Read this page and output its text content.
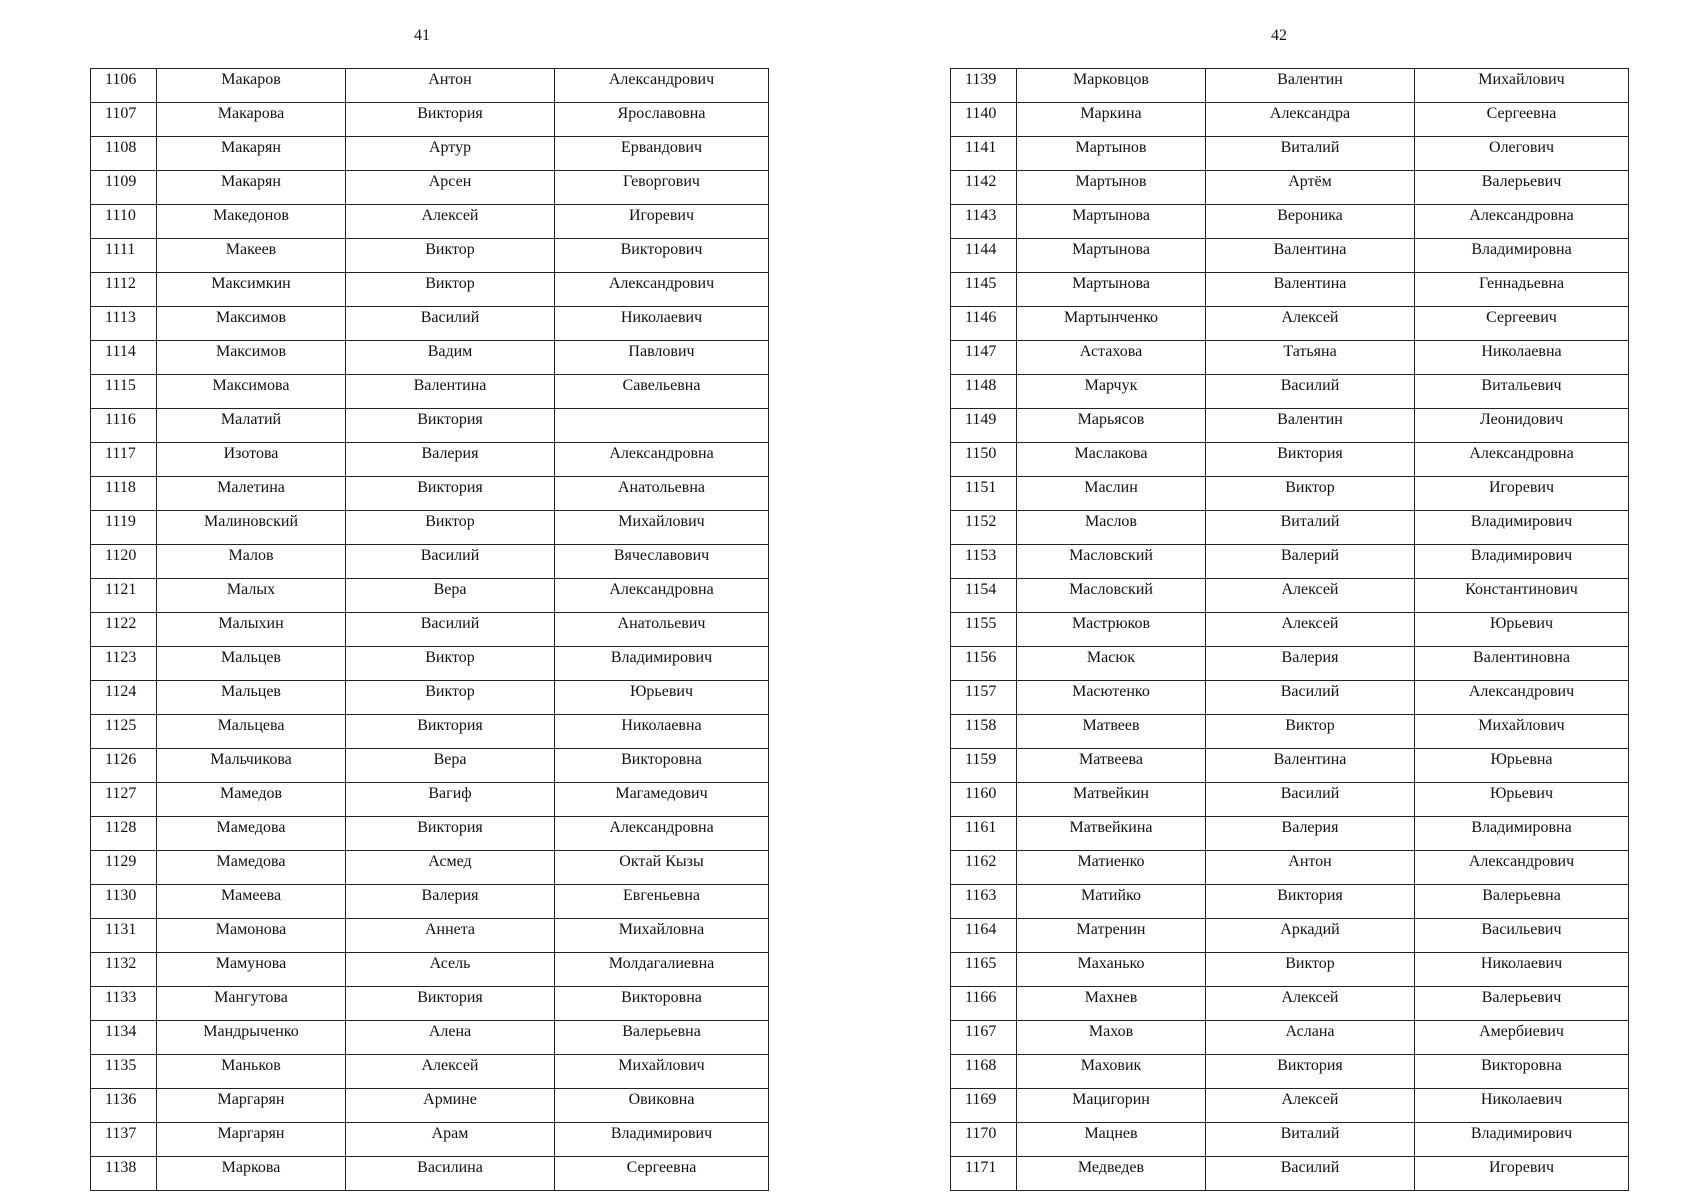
41	42
1106	Макаров	Антон	Александрович
1107	Макарова	Виктория	Ярославовна
1108	Макарян	Артур	Ервандович
1109	Макарян	Арсен	Геворгович
1110	Македонов	Алексей	Игоревич
1111	Макеев	Виктор	Викторович
1112	Максимкин	Виктор	Александрович
1113	Максимов	Василий	Николаевич
1114	Максимов	Вадим	Павлович
1115	Максимова	Валентина	Савельевна
1116	Малатий	Виктория	
1117	Изотова	Валерия	Александровна
1118	Малетина	Виктория	Анатольевна
1119	Малиновский	Виктор	Михайлович
1120	Малов	Василий	Вячеславович
1121	Малых	Вера	Александровна
1122	Малыхин	Василий	Анатольевич
1123	Мальцев	Виктор	Владимирович
1124	Мальцев	Виктор	Юрьевич
1125	Мальцева	Виктория	Николаевна
1126	Мальчикова	Вера	Викторовна
1127	Мамедов	Вагиф	Магамедович
1128	Мамедова	Виктория	Александровна
1129	Мамедова	Асмед	Октай Кызы
1130	Мамеева	Валерия	Евгеньевна
1131	Мамонова	Аннета	Михайловна
1132	Мамунова	Асель	Молдагалиевна
1133	Мангутова	Виктория	Викторовна
1134	Мандрыченко	Алена	Валерьевна
1135	Маньков	Алексей	Михайлович
1136	Маргарян	Армине	Овиковна
1137	Маргарян	Арам	Владимирович
1138	Маркова	Василина	Сергеевна
1139	Марковцов	Валентин	Михайлович
1140	Маркина	Александра	Сергеевна
1141	Мартынов	Виталий	Олегович
1142	Мартынов	Артём	Валерьевич
1143	Мартынова	Вероника	Александровна
1144	Мартынова	Валентина	Владимировна
1145	Мартынова	Валентина	Геннадьевна
1146	Мартынченко	Алексей	Сергеевич
1147	Астахова	Татьяна	Николаевна
1148	Марчук	Василий	Витальевич
1149	Марьясов	Валентин	Леонидович
1150	Маслакова	Виктория	Александровна
1151	Маслин	Виктор	Игоревич
1152	Маслов	Виталий	Владимирович
1153	Масловский	Валерий	Владимирович
1154	Масловский	Алексей	Константинович
1155	Мастрюков	Алексей	Юрьевич
1156	Масюк	Валерия	Валентиновна
1157	Масютенко	Василий	Александрович
1158	Матвеев	Виктор	Михайлович
1159	Матвеева	Валентина	Юрьевна
1160	Матвейкин	Василий	Юрьевич
1161	Матвейкина	Валерия	Владимировна
1162	Матиенко	Антон	Александрович
1163	Матийко	Виктория	Валерьевна
1164	Матренин	Аркадий	Васильевич
1165	Маханько	Виктор	Николаевич
1166	Махнев	Алексей	Валерьевич
1167	Махов	Аслана	Амербиевич
1168	Маховик	Виктория	Викторовна
1169	Мацигорин	Алексей	Николаевич
1170	Мацнев	Виталий	Владимирович
1171	Медведев	Василий	Игоревич
